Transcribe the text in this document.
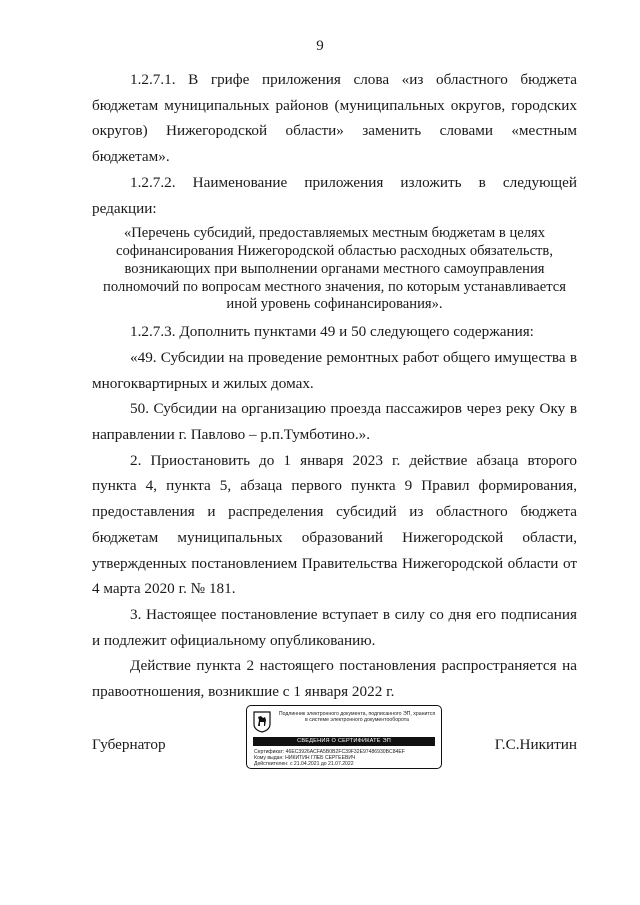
9

1.2.7.1. В грифе приложения слова «из областного бюджета бюджетам муниципальных районов (муниципальных округов, городских округов) Нижегородской области» заменить словами «местным бюджетам».

1.2.7.2. Наименование приложения изложить в следующей редакции:

«Перечень субсидий, предоставляемых местным бюджетам в целях софинансирования Нижегородской областью расходных обязательств, возникающих при выполнении органами местного самоуправления полномочий по вопросам местного значения, по которым устанавливается иной уровень софинансирования».

1.2.7.3. Дополнить пунктами 49 и 50 следующего содержания:

«49. Субсидии на проведение ремонтных работ общего имущества в многоквартирных и жилых домах.

50. Субсидии на организацию проезда пассажиров через реку Оку в направлении г. Павлово – р.п.Тумботино.».

2. Приостановить до 1 января 2023 г. действие абзаца второго пункта 4, пункта 5, абзаца первого пункта 9 Правил формирования, предоставления и распределения субсидий из областного бюджета бюджетам муниципальных образований Нижегородской области, утвержденных постановлением Правительства Нижегородской области от 4 марта 2020 г. № 181.

3. Настоящее постановление вступает в силу со дня его подписания и подлежит официальному опубликованию.

Действие пункта 2 настоящего постановления распространяется на правоотношения, возникшие с 1 января 2022 г.

Губернатор	Г.С.Никитин
Подлинник электронного документа, подписанного ЭП, хранится в системе электронного документооборота
СВЕДЕНИЯ О СЕРТИФИКАТЕ ЭП
Сертификат: 46EC3926ACFA5B0B2FC39F32E97486930BC84EF
Кому выдан: НИКИТИН ГЛЕБ СЕРГЕЕВИЧ
Действителен: с 21.04.2021 до 21.07.2022
